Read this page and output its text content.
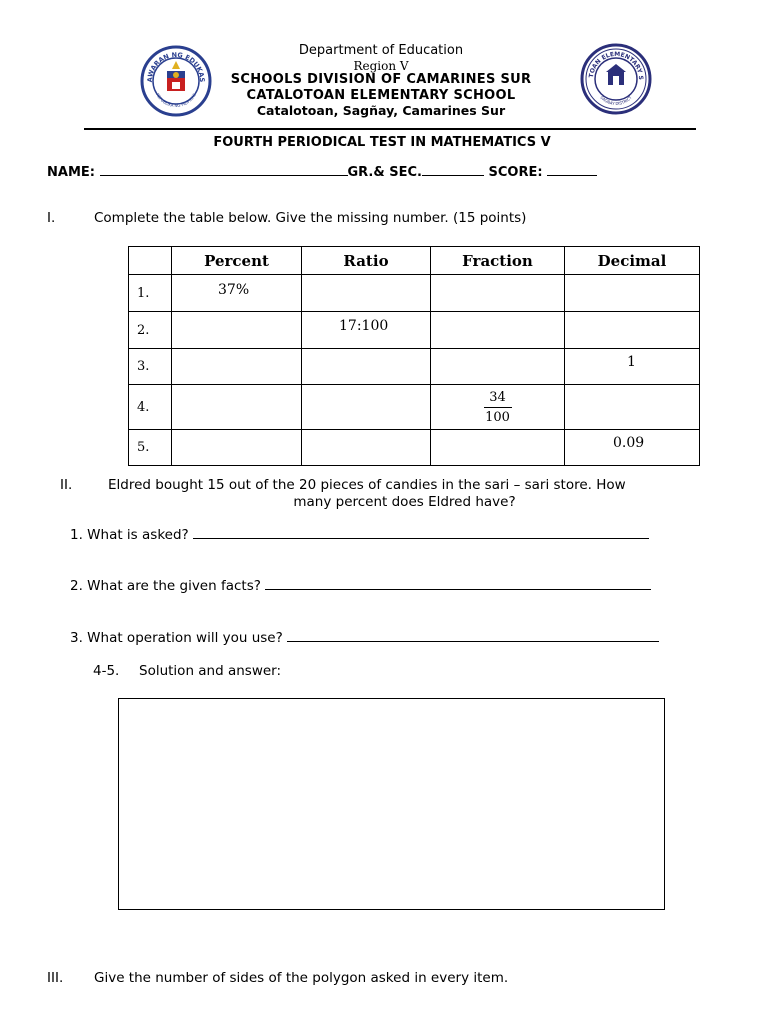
AWARAN NG EDUKAS
REPUBLIKA NG PILIPINAS
TOAN ELEMENTARY S
SAGÑAY DISTRICT
Department of Education
Region V
SCHOOLS DIVISION OF CAMARINES SUR
CATALOTOAN ELEMENTARY SCHOOL
Catalotoan, Sagñay, Camarines Sur
FOURTH PERIODICAL TEST IN MATHEMATICS V
NAME:	GR.& SEC.	SCORE:
I.	Complete the table below. Give the missing number. (15 points)
	Percent	Ratio	Fraction	Decimal
1.	37%			
2.		17:100		
3.				1
4.			$\frac{34}{100}$

5.				0.09
II.	Eldred bought 15 out of the 20 pieces of candies in the sari – sari store. How
many percent does Eldred have?
1. What is asked?
2. What are the given facts?
3. What operation will you use?
4-5. Solution and answer:
III. Give the number of sides of the polygon asked in every item.
